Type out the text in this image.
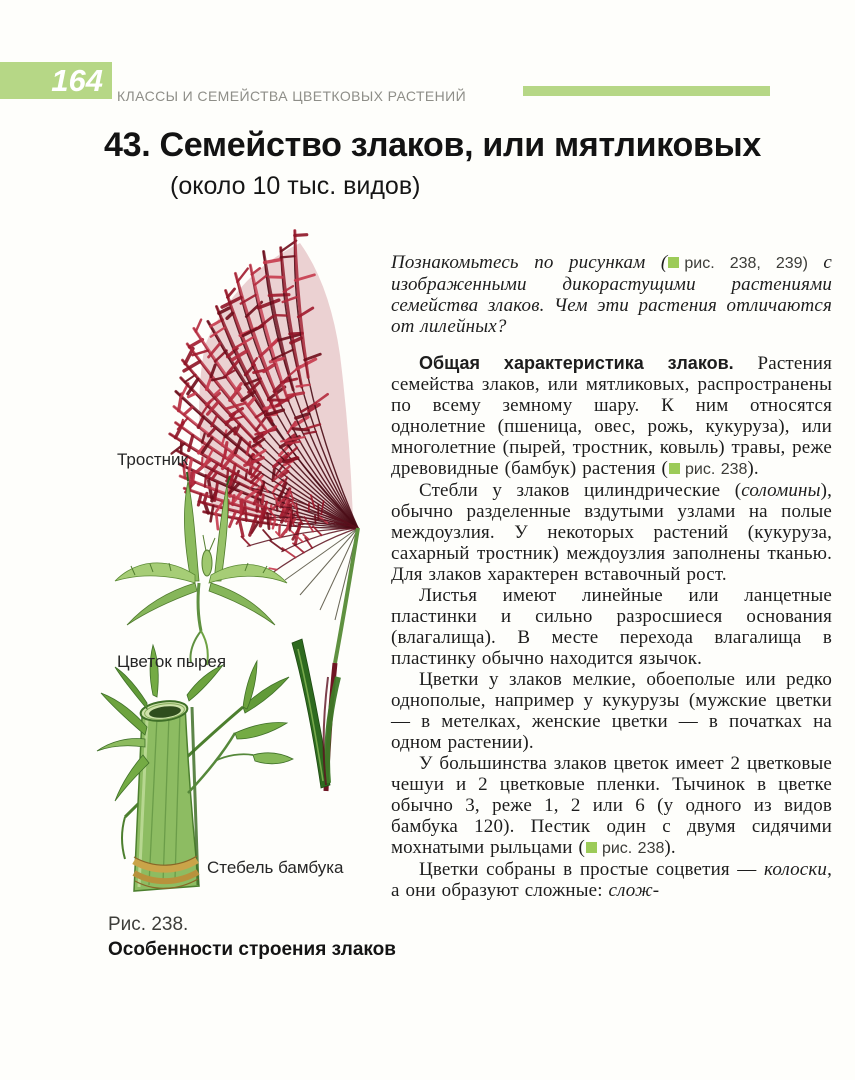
164	КЛАССЫ И СЕМЕЙСТВА ЦВЕТКОВЫХ РАСТЕНИЙ
43. Семейство злаков, или мятликовых
(около 10 тыс. видов)
Тростник
Цветок пырея
Стебель бамбука
Рис. 238.
Особенности строения злаков

Познакомьтесь по рисункам ( рис. 238, 239) с изображенными дикорастущими растениями семейства злаков. Чем эти растения отличаются от лилейных?

Общая характеристика злаков. Растения семейства злаков, или мятликовых, распространены по всему земному шару. К ним относятся однолетние (пшеница, овес, рожь, кукуруза), или многолетние (пырей, тростник, ковыль) травы, реже древовидные (бамбук) растения ( рис. 238).

Стебли у злаков цилиндрические (соломины), обычно разделенные вздутыми узлами на полые междоузлия. У некоторых растений (кукуруза, сахарный тростник) междоузлия заполнены тканью. Для злаков характерен вставочный рост.

Листья имеют линейные или ланцетные пластинки и сильно разросшиеся основания (влагалища). В месте перехода влагалища в пластинку обычно находится язычок.

Цветки у злаков мелкие, обоеполые или редко однополые, например у кукурузы (мужские цветки — в метелках, женские цветки — в початках на одном растении).

У большинства злаков цветок имеет 2 цветковые чешуи и 2 цветковые пленки. Тычинок в цветке обычно 3, реже 1, 2 или 6 (у одного из видов бамбука 120). Пестик один с двумя сидячими мохнатыми рыльцами ( рис. 238).

Цветки собраны в простые соцветия — колоски, а они образуют сложные: слож-
